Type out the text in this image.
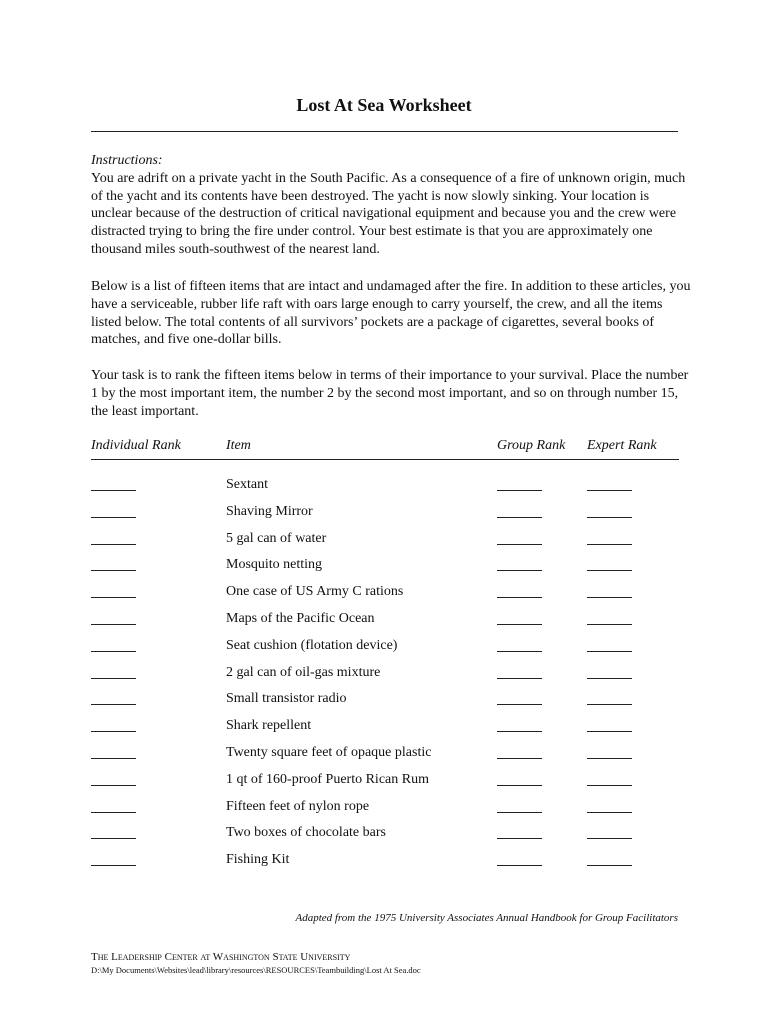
Lost At Sea Worksheet
Instructions:
You are adrift on a private yacht in the South Pacific. As a consequence of a fire of unknown origin, much of the yacht and its contents have been destroyed. The yacht is now slowly sinking. Your location is unclear because of the destruction of critical navigational equipment and because you and the crew were distracted trying to bring the fire under control. Your best estimate is that you are approximately one thousand miles south-southwest of the nearest land.
Below is a list of fifteen items that are intact and undamaged after the fire. In addition to these articles, you have a serviceable, rubber life raft with oars large enough to carry yourself, the crew, and all the items listed below. The total contents of all survivors’ pockets are a package of cigarettes, several books of matches, and five one-dollar bills.
Your task is to rank the fifteen items below in terms of their importance to your survival. Place the number 1 by the most important item, the number 2 by the second most important, and so on through number 15, the least important.
Individual Rank	Item	Group Rank Expert Rank
Sextant
Shaving Mirror
5 gal can of water
Mosquito netting
One case of US Army C rations
Maps of the Pacific Ocean
Seat cushion (flotation device)
2 gal can of oil-gas mixture
Small transistor radio
Shark repellent
Twenty square feet of opaque plastic
1 qt of 160-proof Puerto Rican Rum
Fifteen feet of nylon rope
Two boxes of chocolate bars
Fishing Kit
Adapted from the 1975 University Associates Annual Handbook for Group Facilitators
The Leadership Center at Washington State University
D:\My Documents\Websites\lead\library\resources\RESOURCES\Teambuilding\Lost At Sea.doc
